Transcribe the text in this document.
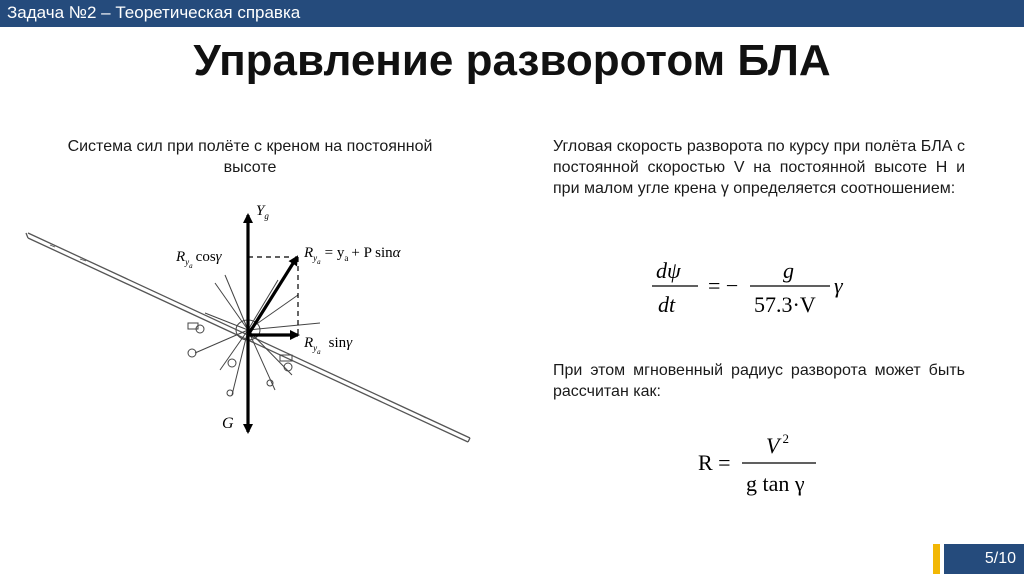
Задача №2 – Теоретическая справка
Управление разворотом БЛА
Система сил при полёте с креном на постоянной высоте
$Y_g$
$R_{ya}\cos\gamma$	$R_{ya}= y_a + P$ sinα
$R_{ya}\sin\gamma$
G
Угловая скорость разворота по курсу при полёта БЛА с постоянной скоростью V на постоянной высоте H и при малом угле крена γ определяется соотношением:
dψ
dt
= −
g
57.3·V
γ
При этом мгновенный радиус разворота может быть рассчитан как:
R =
V $^2$
g tan γ
5/10
